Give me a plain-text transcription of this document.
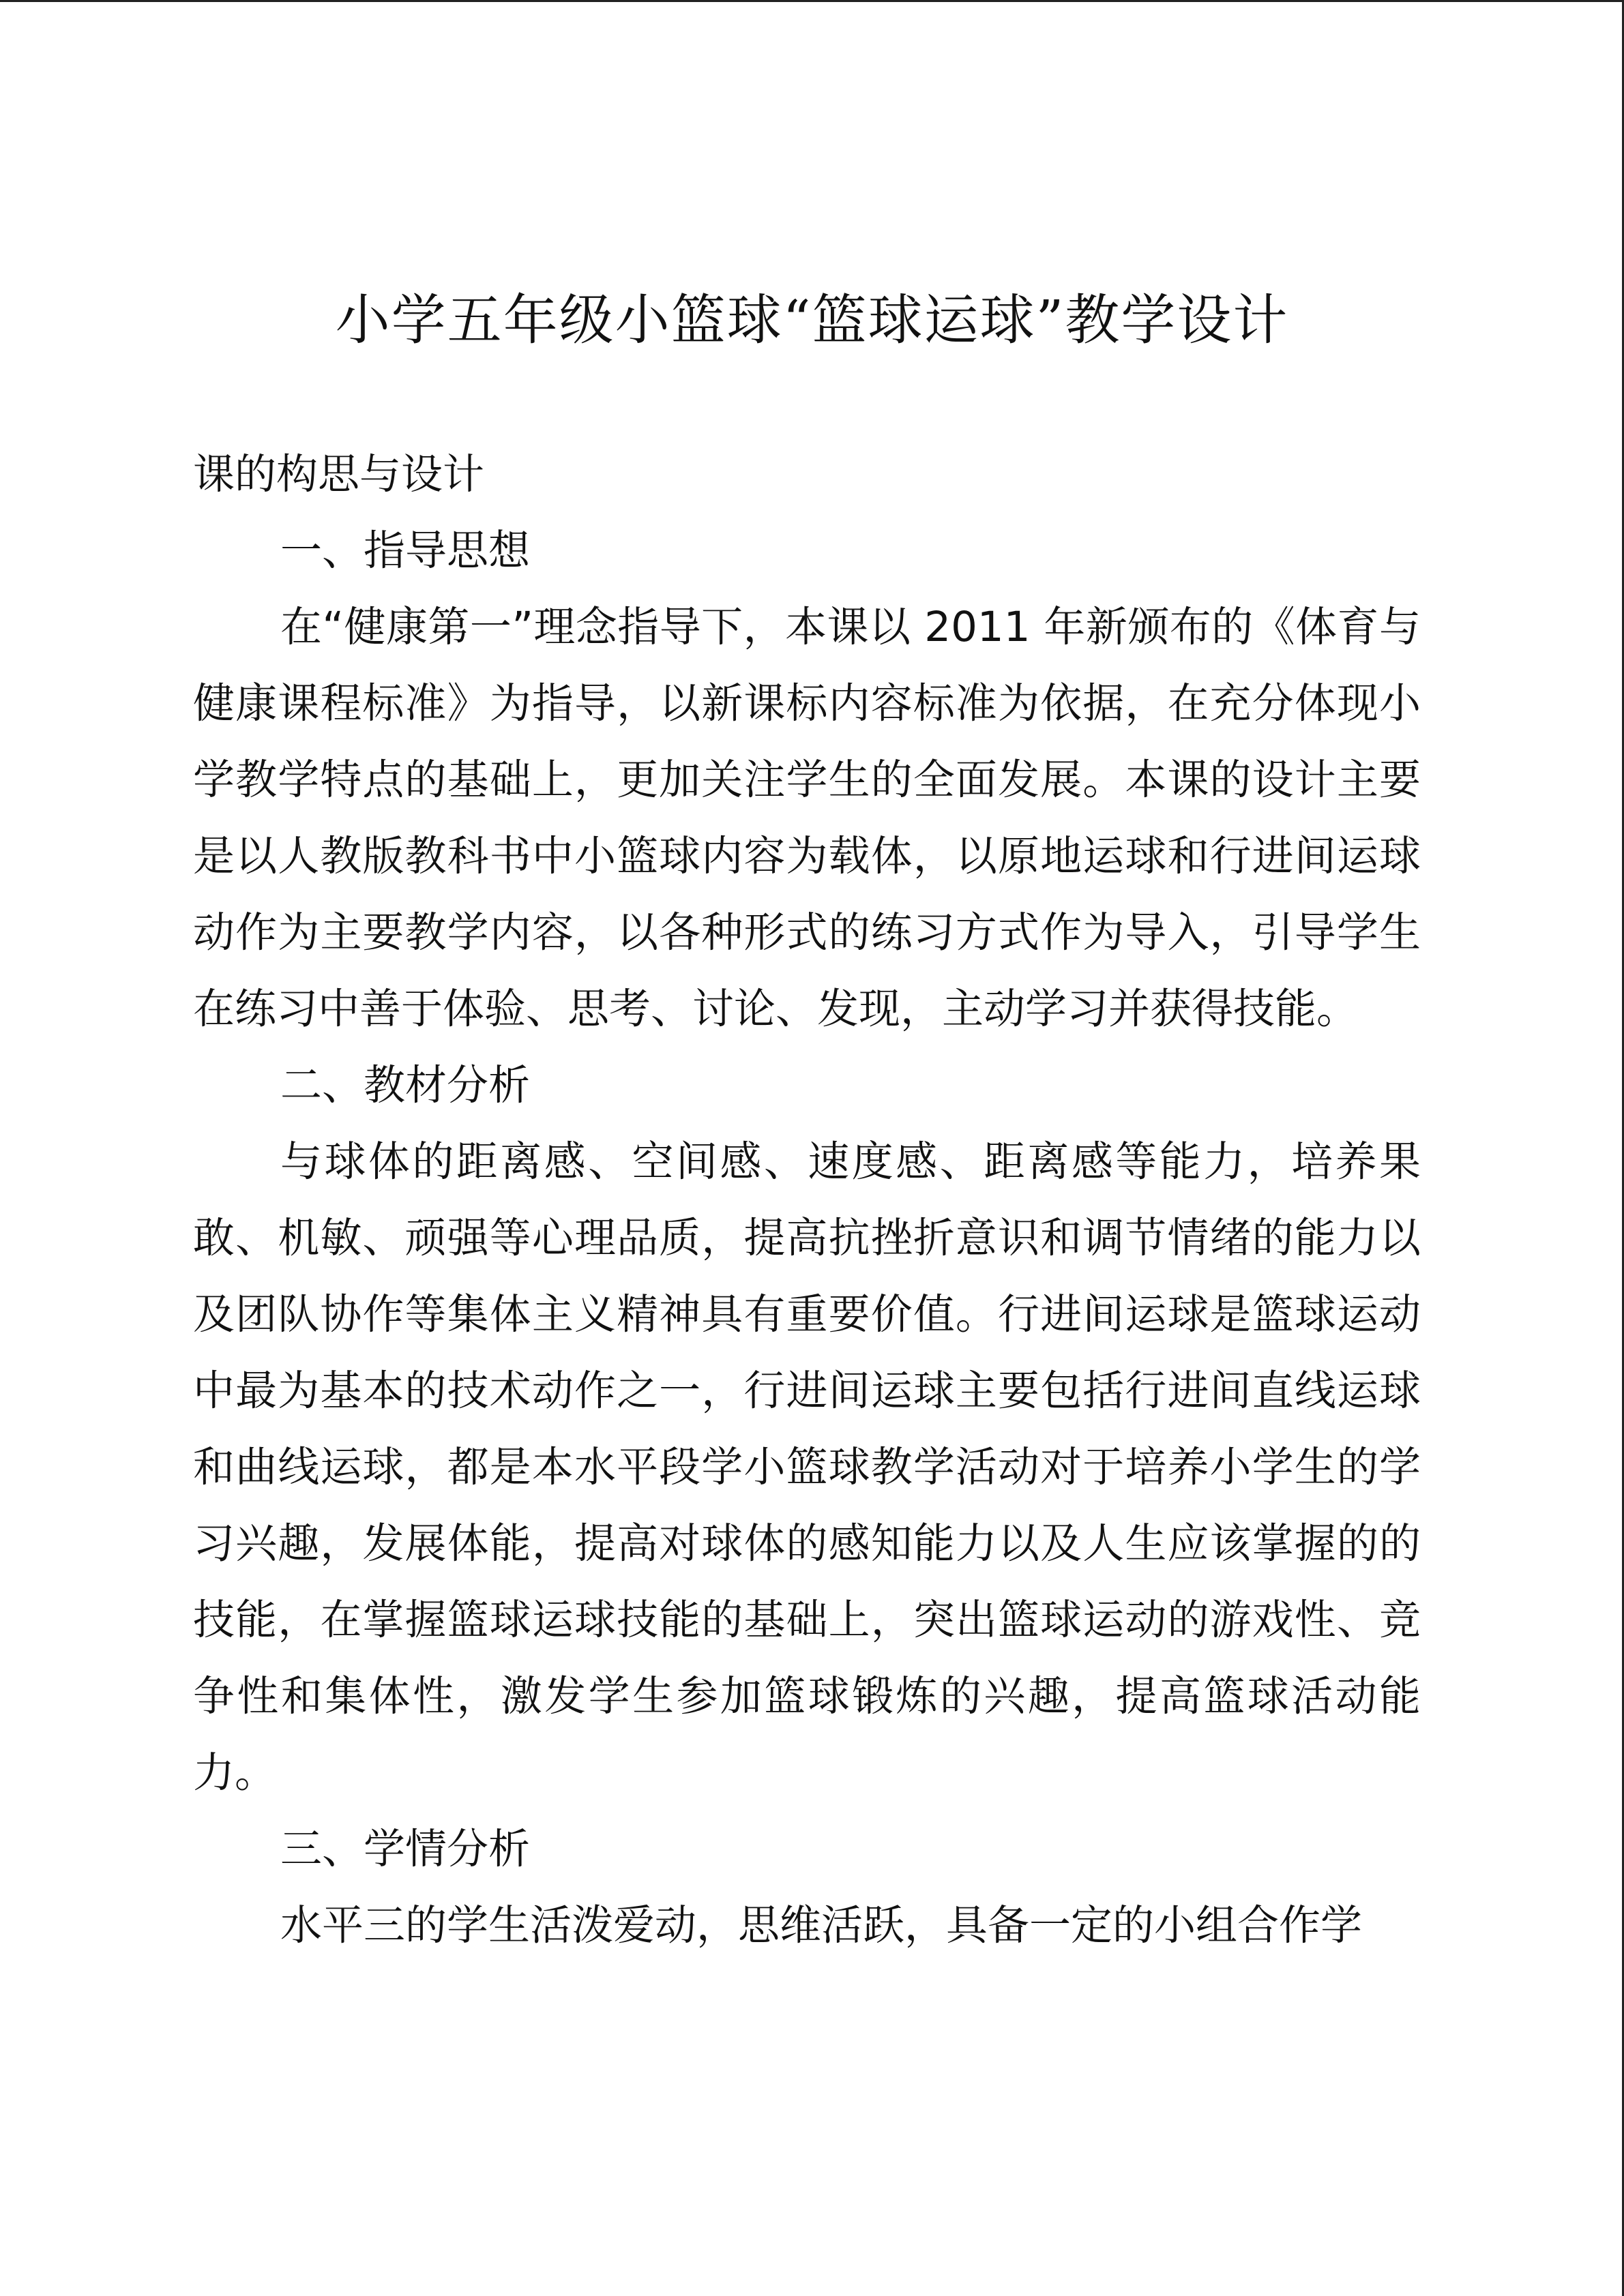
小学五年级小篮球“篮球运球”教学设计

课的构思与设计

一、指导思想

在“健康第一”理念指导下，本课以 2011 年新颁布的《体育与健康课程标准》为指导，以新课标内容标准为依据，在充分体现小学教学特点的基础上，更加关注学生的全面发展。本课的设计主要是以人教版教科书中小篮球内容为载体，以原地运球和行进间运球动作为主要教学内容，以各种形式的练习方式作为导入，引导学生在练习中善于体验、思考、讨论、发现，主动学习并获得技能。

二、教材分析

与球体的距离感、空间感、速度感、距离感等能力，培养果敢、机敏、顽强等心理品质，提高抗挫折意识和调节情绪的能力以及团队协作等集体主义精神具有重要价值。行进间运球是篮球运动中最为基本的技术动作之一，行进间运球主要包括行进间直线运球和曲线运球，都是本水平段学小篮球教学活动对于培养小学生的学习兴趣，发展体能，提高对球体的感知能力以及人生应该掌握的的技能，在掌握篮球运球技能的基础上，突出篮球运动的游戏性、竞争性和集体性，激发学生参加篮球锻炼的兴趣，提高篮球活动能力。

三、学情分析

水平三的学生活泼爱动，思维活跃，具备一定的小组合作学
